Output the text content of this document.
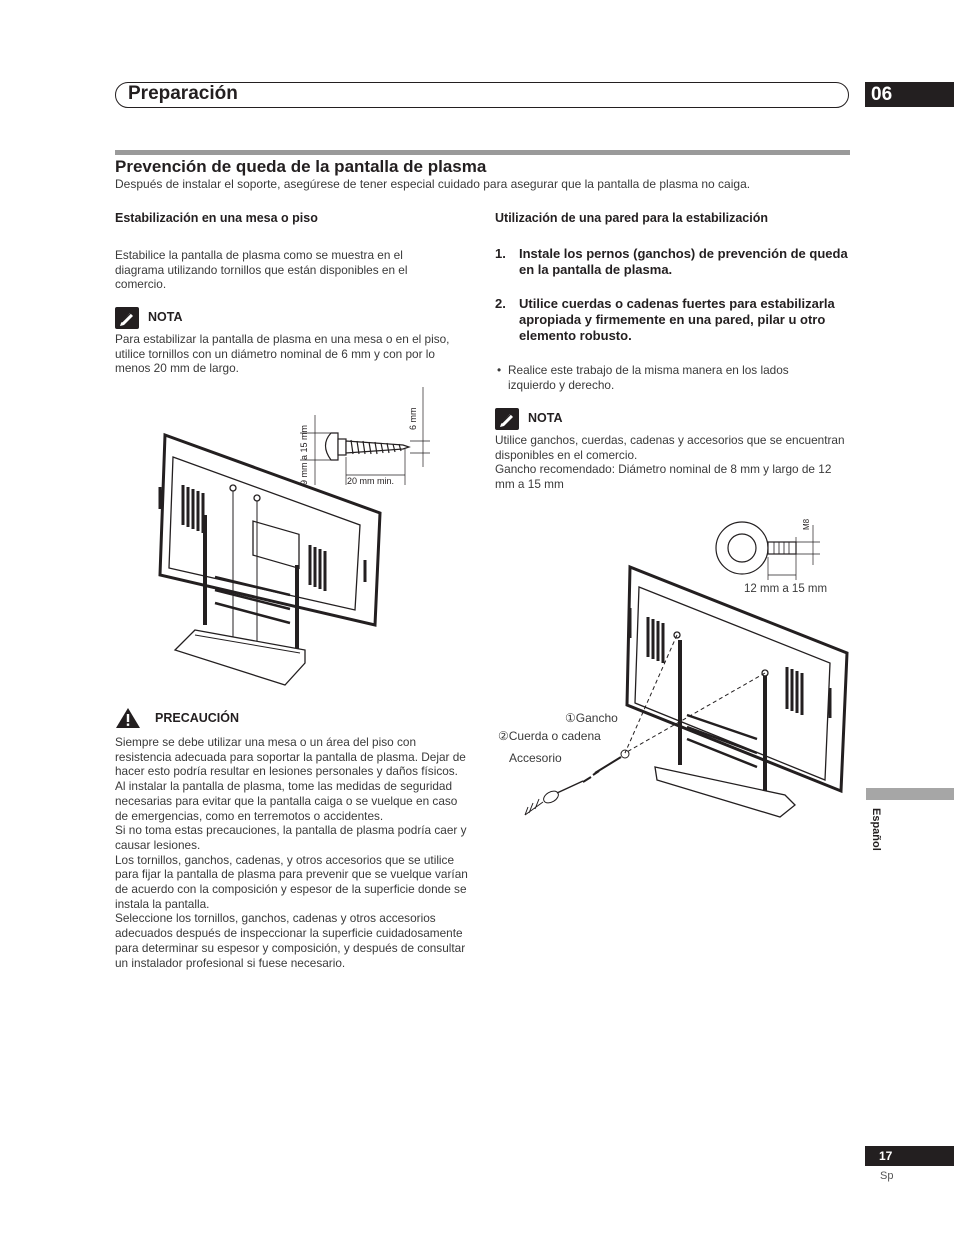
Preparación	06
Prevención de queda de la pantalla de plasma
Después de instalar el soporte, asegúrese de tener especial cuidado para asegurar que la pantalla de plasma no caiga.
Estabilización en una mesa o piso
Estabilice la pantalla de plasma como se muestra en el diagrama utilizando tornillos que están disponibles en el comercio.
NOTA
Para estabilizar la pantalla de plasma en una mesa o en el piso, utilice tornillos con un diámetro nominal de 6 mm y con por lo menos 20 mm de largo.
9 mm a 15 mm
6 mm
20 mm min.
PRECAUCIÓN
Siempre se debe utilizar una mesa o un área del piso con resistencia adecuada para soportar la pantalla de plasma. Dejar de hacer esto podría resultar en lesiones personales y daños físicos.
Al instalar la pantalla de plasma, tome las medidas de seguridad necesarias para evitar que la pantalla caiga o se vuelque en caso de emergencias, como en terremotos o accidentes.
Si no toma estas precauciones, la pantalla de plasma podría caer y causar lesiones.
Los tornillos, ganchos, cadenas, y otros accesorios que se utilice para fijar la pantalla de plasma para prevenir que se vuelque varían de acuerdo con la composición y espesor de la superficie donde se instala la pantalla.
Seleccione los tornillos, ganchos, cadenas y otros accesorios adecuados después de inspeccionar la superficie cuidadosamente para determinar su espesor y composición, y después de consultar un instalador profesional si fuese necesario.
Utilización de una pared para la estabilización
1.	Instale los pernos (ganchos) de prevención de queda en la pantalla de plasma.
2.	Utilice cuerdas o cadenas fuertes para estabilizarla apropiada y firmemente en una pared, pilar u otro elemento robusto.
• Realice este trabajo de la misma manera en los lados izquierdo y derecho.
NOTA
Utilice ganchos, cuerdas, cadenas y accesorios que se encuentran disponibles en el comercio.
Gancho recomendado: Diámetro nominal de 8 mm y largo de 12 mm a 15 mm
M8
12 mm a 15 mm
①Gancho
②Cuerda o cadena
Accesorio
Español
17
Sp
